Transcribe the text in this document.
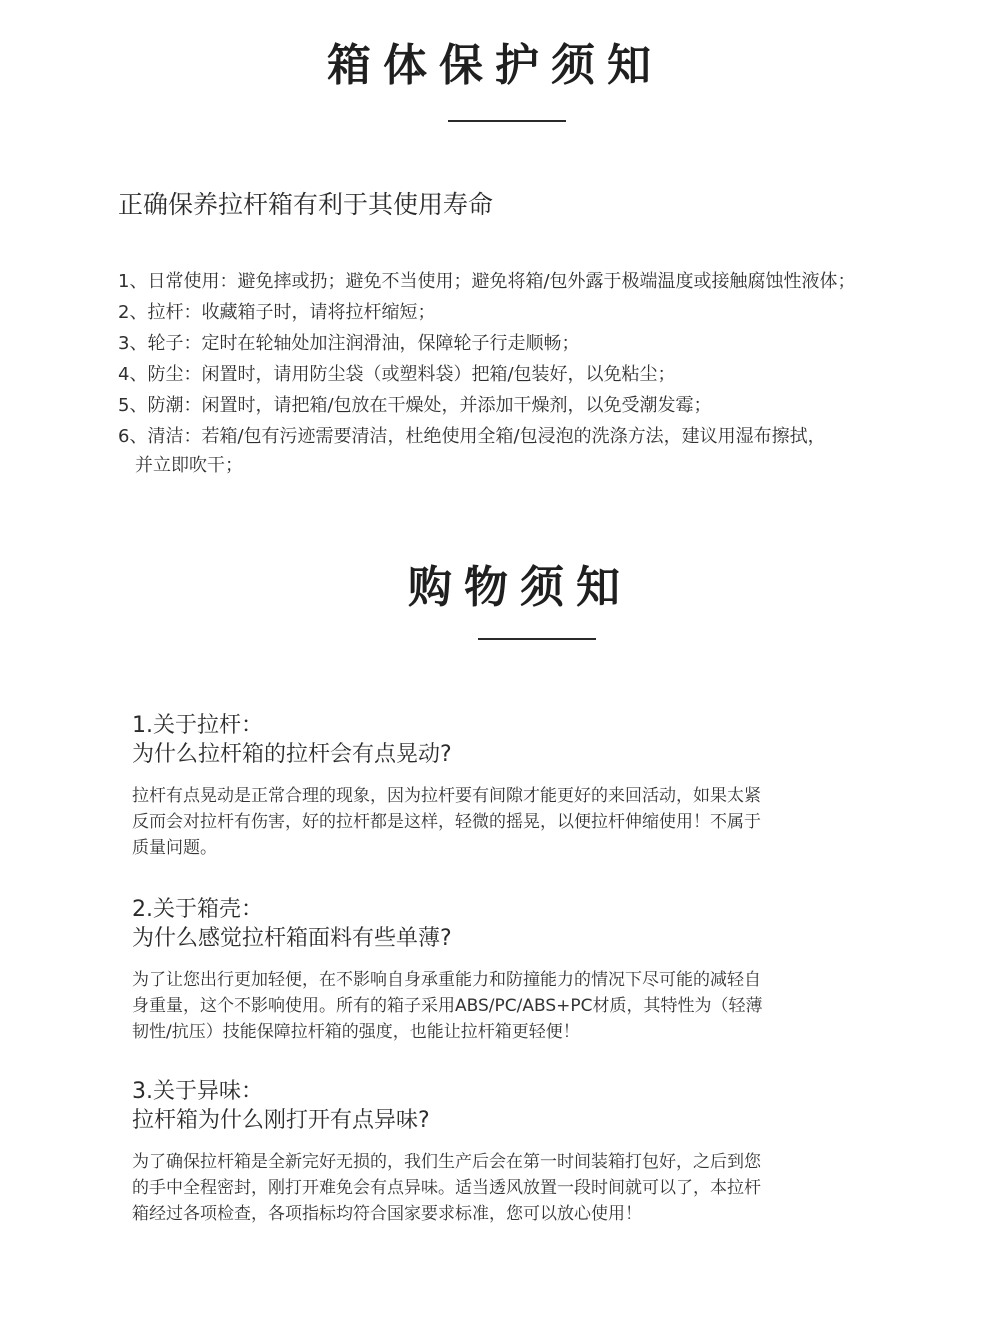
箱体保护须知
正确保养拉杆箱有利于其使用寿命
1、日常使用：避免摔或扔；避免不当使用；避免将箱/包外露于极端温度或接触腐蚀性液体；
2、拉杆：收藏箱子时，请将拉杆缩短；
3、轮子：定时在轮轴处加注润滑油，保障轮子行走顺畅；
4、防尘：闲置时，请用防尘袋（或塑料袋）把箱/包装好，以免粘尘；
5、防潮：闲置时，请把箱/包放在干燥处，并添加干燥剂，以免受潮发霉；
6、清洁：若箱/包有污迹需要清洁，杜绝使用全箱/包浸泡的洗涤方法，建议用湿布擦拭，
并立即吹干；
购物须知
1.关于拉杆：
为什么拉杆箱的拉杆会有点晃动?
拉杆有点晃动是正常合理的现象，因为拉杆要有间隙才能更好的来回活动，如果太紧
反而会对拉杆有伤害，好的拉杆都是这样，轻微的摇晃，以便拉杆伸缩使用！不属于
质量问题。
2.关于箱壳：
为什么感觉拉杆箱面料有些单薄?
为了让您出行更加轻便，在不影响自身承重能力和防撞能力的情况下尽可能的减轻自
身重量，这个不影响使用。所有的箱子采用ABS/PC/ABS+PC材质，其特性为（轻薄
韧性/抗压）技能保障拉杆箱的强度，也能让拉杆箱更轻便！
3.关于异味：
拉杆箱为什么刚打开有点异味?
为了确保拉杆箱是全新完好无损的，我们生产后会在第一时间装箱打包好，之后到您
的手中全程密封，刚打开难免会有点异味。适当透风放置一段时间就可以了，本拉杆
箱经过各项检查，各项指标均符合国家要求标准，您可以放心使用！
